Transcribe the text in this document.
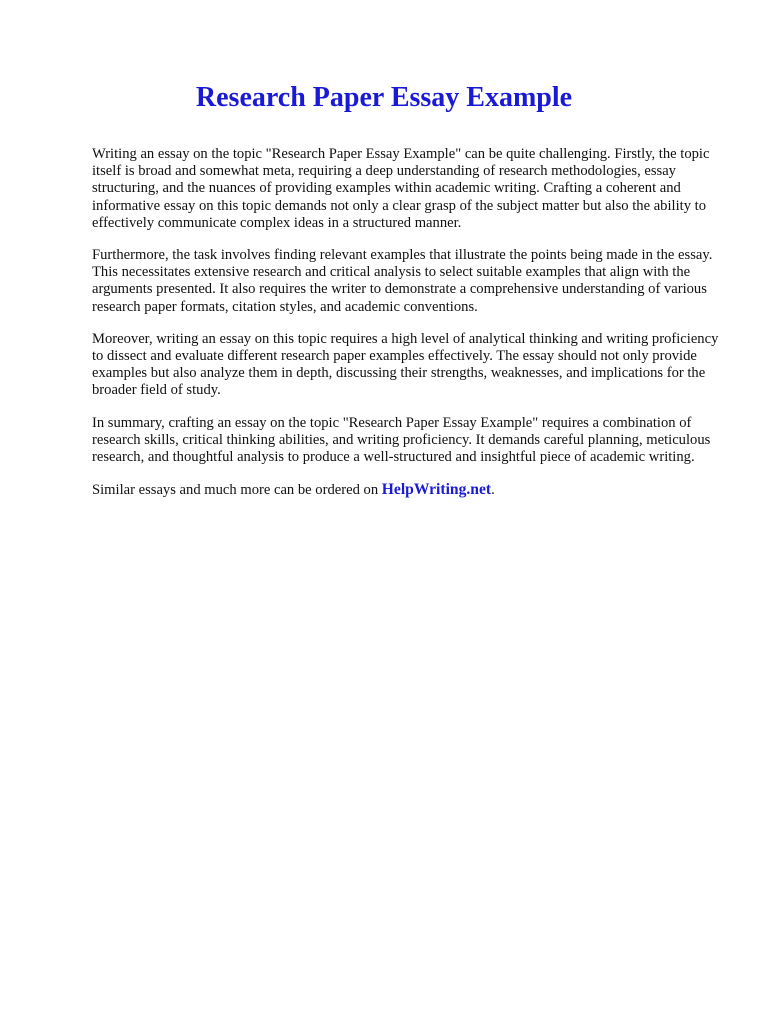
Research Paper Essay Example

Writing an essay on the topic "Research Paper Essay Example" can be quite challenging. Firstly, the topic itself is broad and somewhat meta, requiring a deep understanding of research methodologies, essay structuring, and the nuances of providing examples within academic writing. Crafting a coherent and informative essay on this topic demands not only a clear grasp of the subject matter but also the ability to effectively communicate complex ideas in a structured manner.

Furthermore, the task involves finding relevant examples that illustrate the points being made in the essay. This necessitates extensive research and critical analysis to select suitable examples that align with the arguments presented. It also requires the writer to demonstrate a comprehensive understanding of various research paper formats, citation styles, and academic conventions.

Moreover, writing an essay on this topic requires a high level of analytical thinking and writing proficiency to dissect and evaluate different research paper examples effectively. The essay should not only provide examples but also analyze them in depth, discussing their strengths, weaknesses, and implications for the broader field of study.

In summary, crafting an essay on the topic "Research Paper Essay Example" requires a combination of research skills, critical thinking abilities, and writing proficiency. It demands careful planning, meticulous research, and thoughtful analysis to produce a well-structured and insightful piece of academic writing.

Similar essays and much more can be ordered on HelpWriting.net.
